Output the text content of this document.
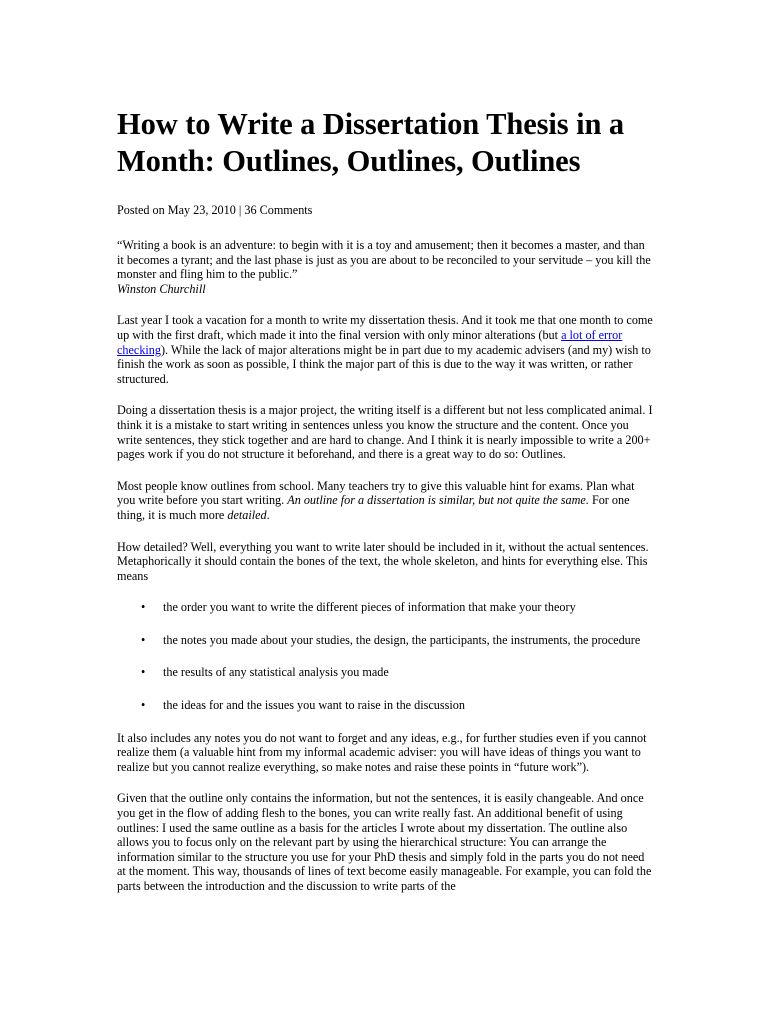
How to Write a Dissertation Thesis in a Month: Outlines, Outlines, Outlines
Posted on May 23, 2010 | 36 Comments

“Writing a book is an adventure: to begin with it is a toy and amusement; then it becomes a master, and than it becomes a tyrant; and the last phase is just as you are about to be reconciled to your servitude – you kill the monster and fling him to the public.”
Winston Churchill

Last year I took a vacation for a month to write my dissertation thesis. And it took me that one month to come up with the first draft, which made it into the final version with only minor alterations (but a lot of error checking). While the lack of major alterations might be in part due to my academic advisers (and my) wish to finish the work as soon as possible, I think the major part of this is due to the way it was written, or rather structured.

Doing a dissertation thesis is a major project, the writing itself is a different but not less complicated animal. I think it is a mistake to start writing in sentences unless you know the structure and the content. Once you write sentences, they stick together and are hard to change. And I think it is nearly impossible to write a 200+ pages work if you do not structure it beforehand, and there is a great way to do so: Outlines.

Most people know outlines from school. Many teachers try to give this valuable hint for exams. Plan what you write before you start writing. An outline for a dissertation is similar, but not quite the same. For one thing, it is much more detailed.

How detailed? Well, everything you want to write later should be included in it, without the actual sentences. Metaphorically it should contain the bones of the text, the whole skeleton, and hints for everything else. This means

• the order you want to write the different pieces of information that make your theory
• the notes you made about your studies, the design, the participants, the instruments, the procedure
• the results of any statistical analysis you made
• the ideas for and the issues you want to raise in the discussion

It also includes any notes you do not want to forget and any ideas, e.g., for further studies even if you cannot realize them (a valuable hint from my informal academic adviser: you will have ideas of things you want to realize but you cannot realize everything, so make notes and raise these points in “future work”).

Given that the outline only contains the information, but not the sentences, it is easily changeable. And once you get in the flow of adding flesh to the bones, you can write really fast. An additional benefit of using outlines: I used the same outline as a basis for the articles I wrote about my dissertation. The outline also allows you to focus only on the relevant part by using the hierarchical structure: You can arrange the information similar to the structure you use for your PhD thesis and simply fold in the parts you do not need at the moment. This way, thousands of lines of text become easily manageable. For example, you can fold the parts between the introduction and the discussion to write parts of the
